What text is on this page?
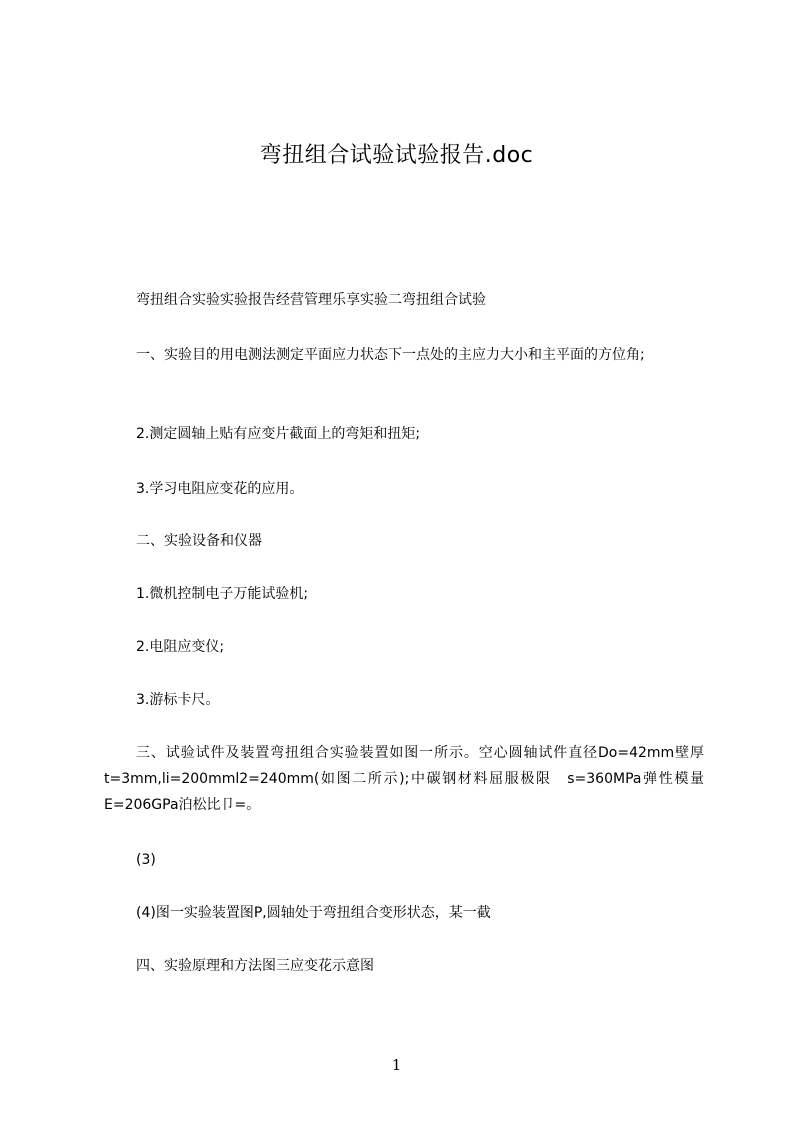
弯扭组合试验试验报告.doc
弯扭组合实验实验报告经营管理乐享实验二弯扭组合试验
一、实验目的用电测法测定平面应力状态下一点处的主应力大小和主平面的方位角;
2.测定圆轴上贴有应变片截面上的弯矩和扭矩;
3.学习电阻应变花的应用。
二、实验设备和仪器
1.微机控制电子万能试验机;
2.电阻应变仪;
3.游标卡尺。
三、试验试件及装置弯扭组合实验装置如图一所示。空心圆轴试件直径Do=42mm壁厚 t=3mm,li=200mml2=240mm(如图二所示);中碳钢材料屈服极限　s=360MPa弹性模量E=206GPa泊松比卩=。
(3)
(4)图一实验装置图P,圆轴处于弯扭组合变形状态，某一截
四、实验原理和方法图三应变花示意图
1
